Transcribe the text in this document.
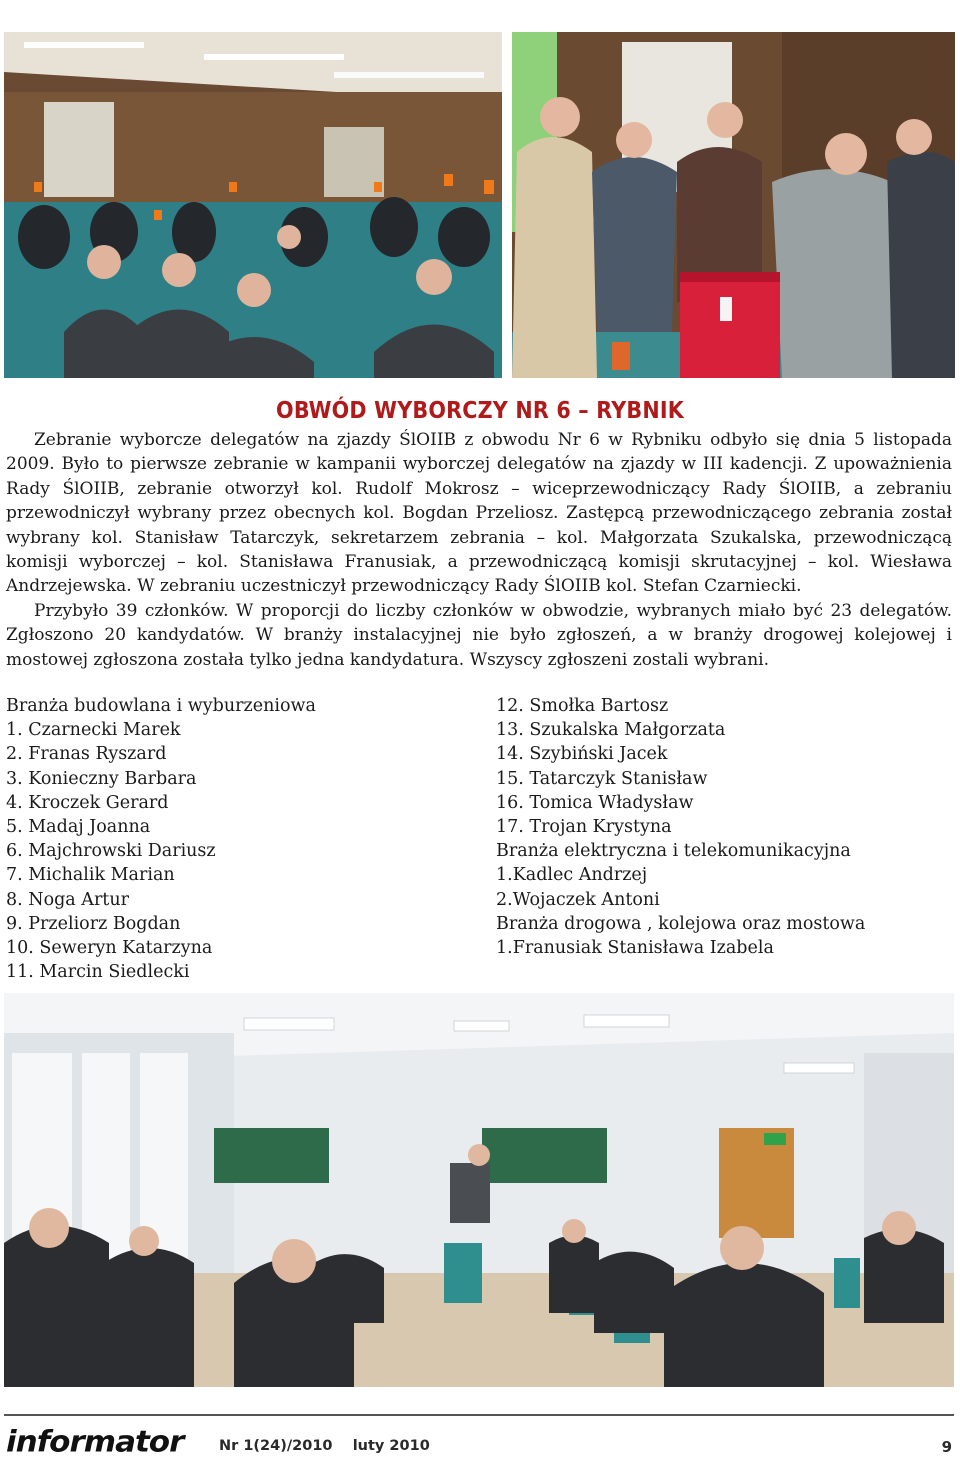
OBWÓD WYBORCZY NR 6 – RYBNIK

Zebranie wyborcze delegatów na zjazdy ŚlOIIB z obwodu Nr 6 w Rybniku odbyło się dnia 5 listopada 2009. Było to pierwsze zebranie w kampanii wyborczej delegatów na zjazdy w III kadencji. Z upoważnienia Rady ŚlOIIB, zebranie otworzył kol. Rudolf Mokrosz – wiceprzewodniczący Rady ŚlOIIB, a zebraniu przewodniczył wybrany przez obecnych kol. Bogdan Przeliosz. Zastępcą przewodniczącego zebrania został wybrany kol. Stanisław Tatarczyk, sekretarzem zebrania – kol. Małgorzata Szukalska, przewodniczącą komisji wyborczej – kol. Stanisława Franusiak, a przewodniczącą komisji skrutacyjnej – kol. Wiesława Andrzejewska. W zebraniu uczestniczył przewodniczący Rady ŚlOIIB kol. Stefan Czarniecki.

Przybyło 39 członków. W proporcji do liczby członków w obwodzie, wybranych miało być 23 delegatów. Zgłoszono 20 kandydatów. W branży instalacyjnej nie było zgłoszeń, a w branży drogowej kolejowej i mostowej zgłoszona została tylko jedna kandydatura. Wszyscy zgłoszeni zostali wybrani.

Branża budowlana i wyburzeniowa
1. Czarnecki Marek
2. Franas Ryszard
3. Konieczny Barbara
4. Kroczek Gerard
5. Madaj Joanna
6. Majchrowski Dariusz
7. Michalik Marian
8. Noga Artur
9. Przeliorz Bogdan
10. Seweryn Katarzyna
11. Marcin Siedlecki
12. Smołka Bartosz
13. Szukalska Małgorzata
14. Szybiński Jacek
15. Tatarczyk Stanisław
16. Tomica Władysław
17. Trojan Krystyna
Branża elektryczna i telekomunikacyjna
1.Kadlec Andrzej
2.Wojaczek Antoni
Branża drogowa , kolejowa oraz mostowa
1.Franusiak Stanisława Izabela
informator Nr 1(24)/2010    luty 2010	9
